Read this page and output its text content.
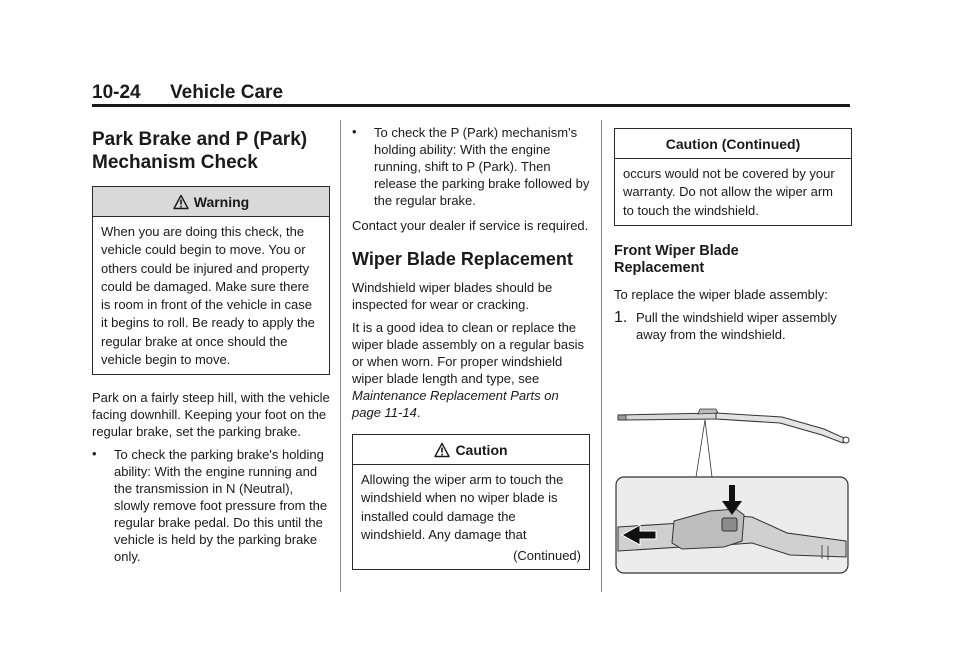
10-24 Vehicle Care
Park Brake and P (Park)
Mechanism Check
Warning

When you are doing this check, the vehicle could begin to move. You or others could be injured and property could be damaged. Make sure there is room in front of the vehicle in case it begins to roll. Be ready to apply the regular brake at once should the vehicle begin to move.

Park on a fairly steep hill, with the vehicle facing downhill. Keeping your foot on the regular brake, set the parking brake.

• To check the parking brake's holding ability: With the engine running and the transmission in N (Neutral), slowly remove foot pressure from the regular brake pedal. Do this until the vehicle is held by the parking brake only.

• To check the P (Park) mechanism's holding ability: With the engine running, shift to P (Park). Then release the parking brake followed by the regular brake.

Contact your dealer if service is required.

Wiper Blade Replacement

Windshield wiper blades should be inspected for wear or cracking.

It is a good idea to clean or replace the wiper blade assembly on a regular basis or when worn. For proper windshield wiper blade length and type, see Maintenance Replacement Parts on page 11-14.

Caution

Allowing the wiper arm to touch the windshield when no wiper blade is installed could damage the windshield. Any damage that

(Continued)
Caution (Continued)

occurs would not be covered by your warranty. Do not allow the wiper arm to touch the windshield.

Front Wiper Blade
Replacement

To replace the wiper blade assembly:

1. Pull the windshield wiper assembly away from the windshield.
